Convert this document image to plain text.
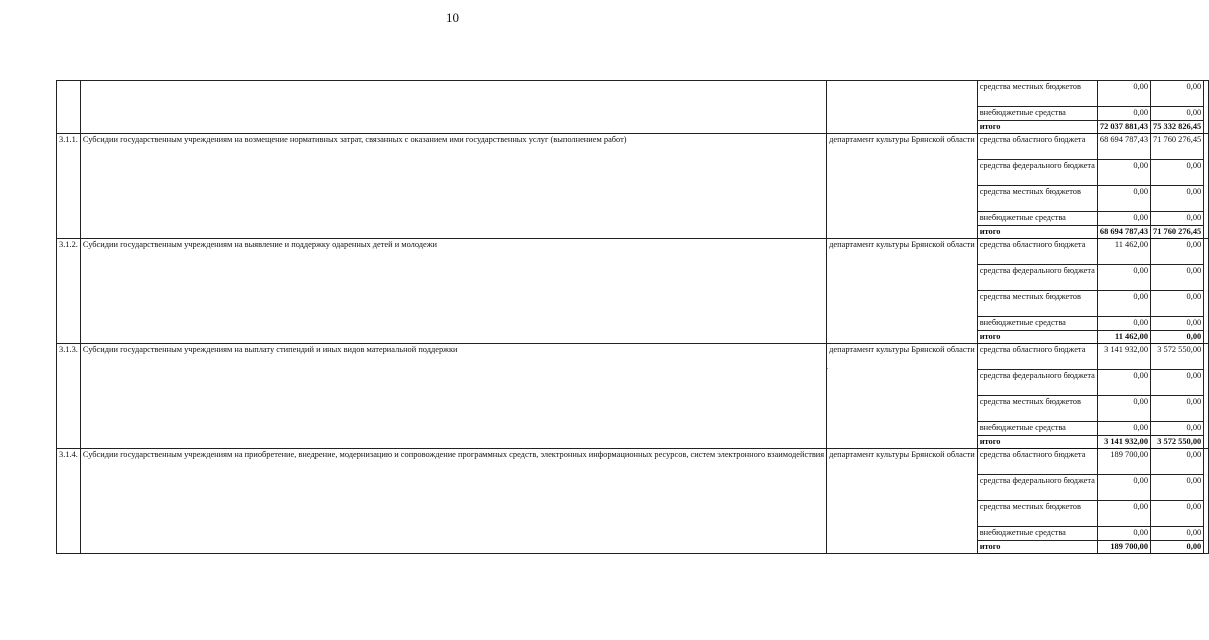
10
.
			средства местных бюджетов	0,00	0,00	
			внебюджетные средства	0,00	0,00	
			итого	72 037 881,43	75 332 826,45	
3.1.1.	Субсидии государственным учреждениям на возмещение нормативных затрат, связанных с оказанием ими государственных услуг (выполнением работ)	департамент культуры Брянской области	средства областного бюджета	68 694 787,43	71 760 276,45	
			средства федерального бюджета	0,00	0,00	
			средства местных бюджетов	0,00	0,00	
			внебюджетные средства	0,00	0,00	
			итого	68 694 787,43	71 760 276,45	
3.1.2.	Субсидии государственным учреждениям на выявление и поддержку одаренных детей и молодежи	департамент культуры Брянской области	средства областного бюджета	11 462,00	0,00	
			средства федерального бюджета	0,00	0,00	
			средства местных бюджетов	0,00	0,00	
			внебюджетные средства	0,00	0,00	
			итого	11 462,00	0,00	
3.1.3.	Субсидии государственным учреждениям на выплату стипендий и иных видов материальной поддержки	департамент культуры Брянской области	средства областного бюджета	3 141 932,00	3 572 550,00	
			средства федерального бюджета	0,00	0,00	
			средства местных бюджетов	0,00	0,00	
			внебюджетные средства	0,00	0,00	
			итого	3 141 932,00	3 572 550,00	
3.1.4.	Субсидии государственным учреждениям на приобретение, внедрение, модернизацию и сопровождение программных средств, электронных информационных ресурсов, систем электронного взаимодействия	департамент культуры Брянской области	средства областного бюджета	189 700,00	0,00	
			средства федерального бюджета	0,00	0,00	
			средства местных бюджетов	0,00	0,00	
			внебюджетные средства	0,00	0,00	
			итого	189 700,00	0,00	
